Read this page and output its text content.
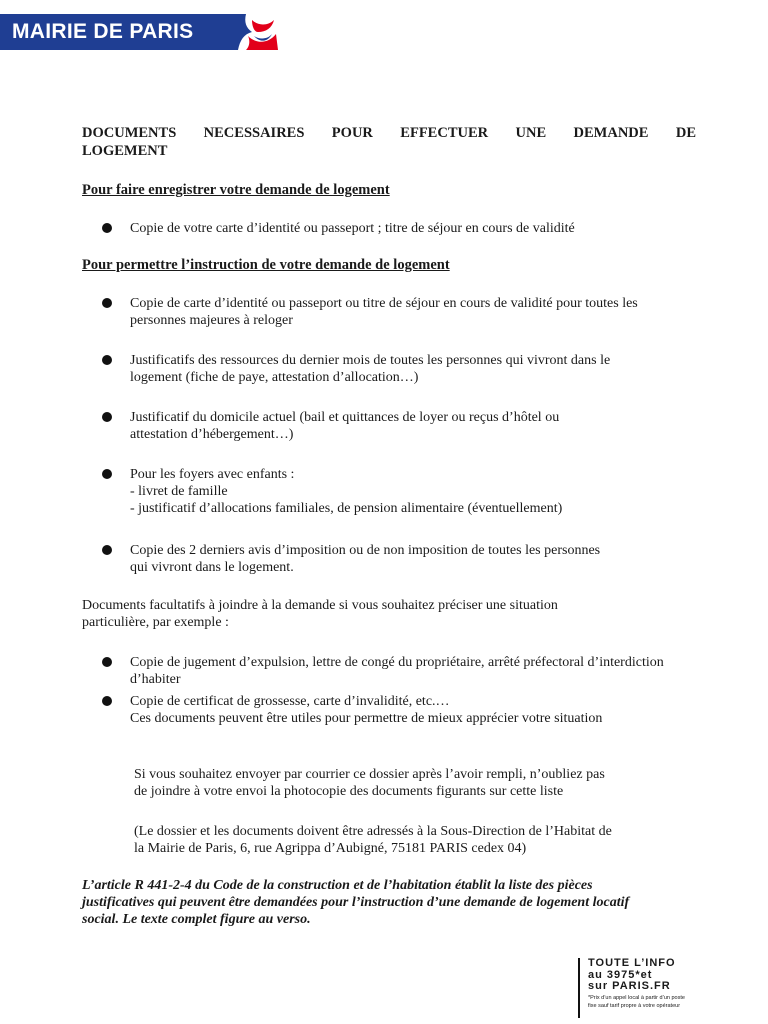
MAIRIE DE PARIS
DOCUMENTS NECESSAIRES POUR EFFECTUER UNE DEMANDE DE
LOGEMENT
Pour faire enregistrer votre demande de logement
Copie de votre carte d’identité ou passeport ; titre de séjour en cours de validité
Pour permettre l’instruction de votre demande de logement
Copie de carte d’identité ou passeport ou titre de séjour en cours de validité pour toutes les
personnes majeures à reloger
Justificatifs des ressources du dernier mois de toutes les personnes qui vivront dans le
logement (fiche de paye, attestation d’allocation…)
Justificatif du domicile actuel (bail et quittances de loyer ou reçus d’hôtel ou
attestation d’hébergement…)
Pour les foyers avec enfants :
- livret de famille
- justificatif d’allocations familiales, de pension alimentaire (éventuellement)
Copie des 2 derniers avis d’imposition ou de non imposition de toutes les personnes
qui vivront dans le logement.
Documents facultatifs à joindre à la demande si vous souhaitez préciser une situation
particulière, par exemple :
Copie de jugement d’expulsion, lettre de congé du propriétaire, arrêté préfectoral d’interdiction
d’habiter
Copie de certificat de grossesse, carte d’invalidité, etc.…
Ces documents peuvent être utiles pour permettre de mieux apprécier votre situation
Si vous souhaitez envoyer par courrier ce dossier après l’avoir rempli, n’oubliez pas
de joindre à votre envoi la photocopie des documents figurants sur cette liste
(Le dossier et les documents doivent être adressés à la Sous-Direction de l’Habitat de
la Mairie de Paris, 6, rue Agrippa d’Aubigné, 75181 PARIS cedex 04)
L’article R 441-2-4 du Code de la construction et de l’habitation établit la liste des pièces
justificatives qui peuvent être demandées pour l’instruction d’une demande de logement locatif
social. Le texte complet figure au verso.
TOUTE L’INFO
au 3975*et
sur PARIS.FR
*Prix d’un appel local à partir d’un poste
fixe sauf tarif propre à votre opérateur
